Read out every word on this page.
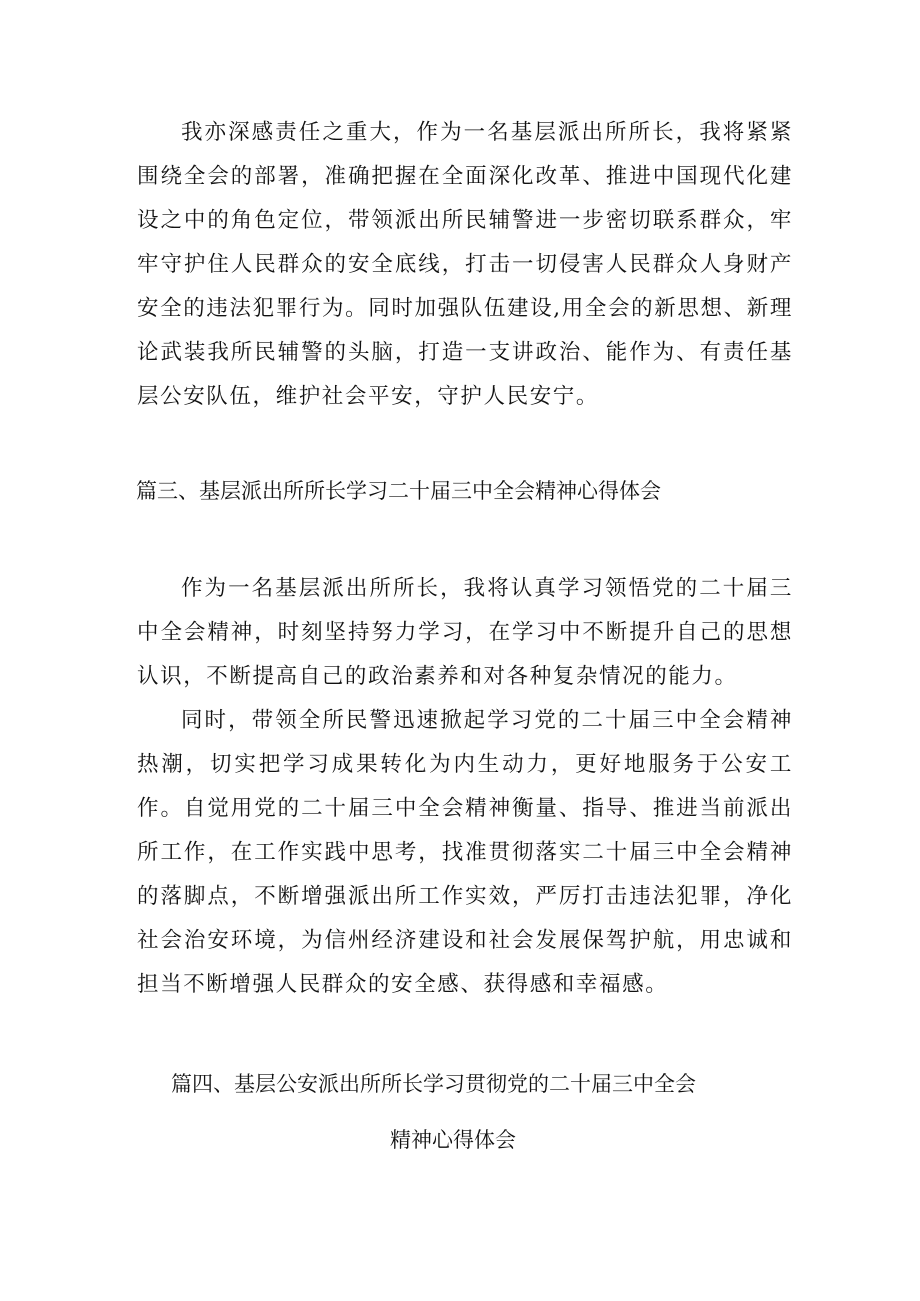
我亦深感责任之重大，作为一名基层派出所所长，我将紧紧围绕全会的部署，准确把握在全面深化改革、推进中国现代化建设之中的角色定位，带领派出所民辅警进一步密切联系群众，牢牢守护住人民群众的安全底线，打击一切侵害人民群众人身财产安全的违法犯罪行为。同时加强队伍建设,用全会的新思想、新理论武装我所民辅警的头脑，打造一支讲政治、能作为、有责任基层公安队伍，维护社会平安，守护人民安宁。

篇三、基层派出所所长学习二十届三中全会精神心得体会

作为一名基层派出所所长，我将认真学习领悟党的二十届三中全会精神，时刻坚持努力学习，在学习中不断提升自己的思想认识，不断提高自己的政治素养和对各种复杂情况的能力。

同时，带领全所民警迅速掀起学习党的二十届三中全会精神热潮，切实把学习成果转化为内生动力，更好地服务于公安工作。自觉用党的二十届三中全会精神衡量、指导、推进当前派出所工作，在工作实践中思考，找准贯彻落实二十届三中全会精神的落脚点，不断增强派出所工作实效，严厉打击违法犯罪，净化社会治安环境，为信州经济建设和社会发展保驾护航，用忠诚和担当不断增强人民群众的安全感、获得感和幸福感。

篇四、基层公安派出所所长学习贯彻党的二十届三中全会
精神心得体会
